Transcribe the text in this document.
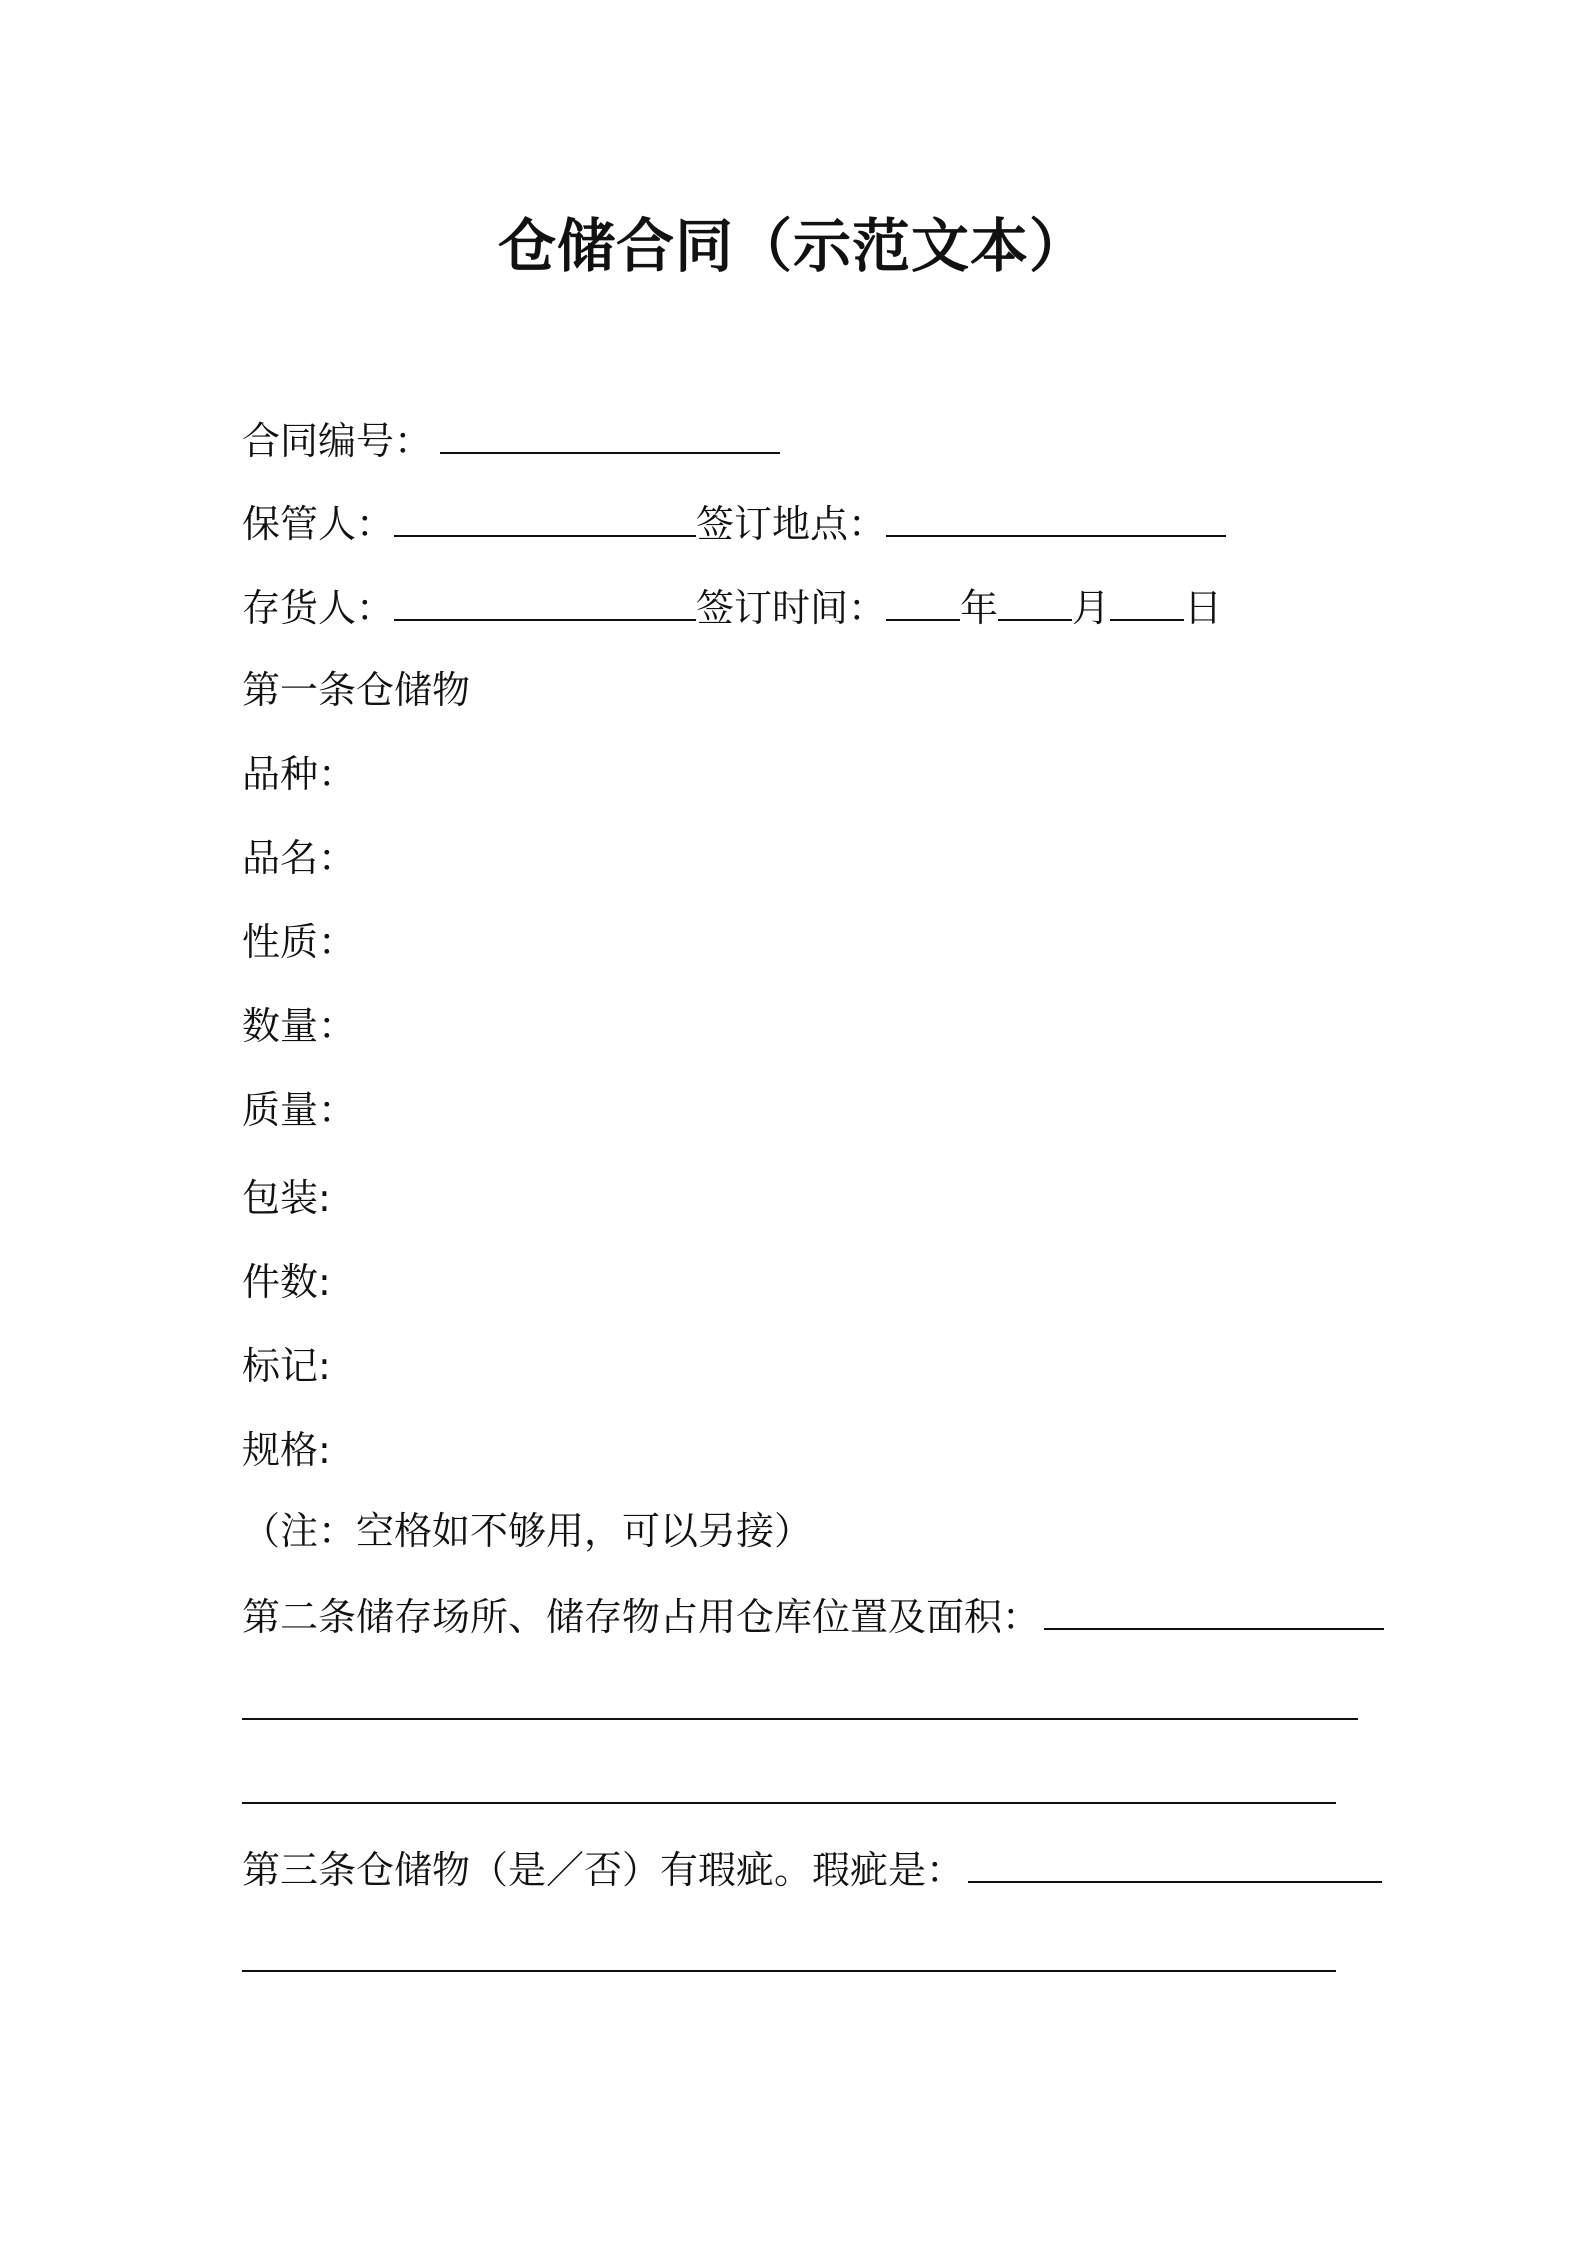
仓储合同（示范文本）
合同编号：
保管人：	签订地点：
存货人：	签订时间： 年 月 日
第一条仓储物
品种：
品名：
性质：
数量：
质量：
包装:
件数:
标记:
规格:
（注：空格如不够用，可以另接）
第二条储存场所、储存物占用仓库位置及面积：
第三条仓储物（是／否）有瑕疵。瑕疵是：
